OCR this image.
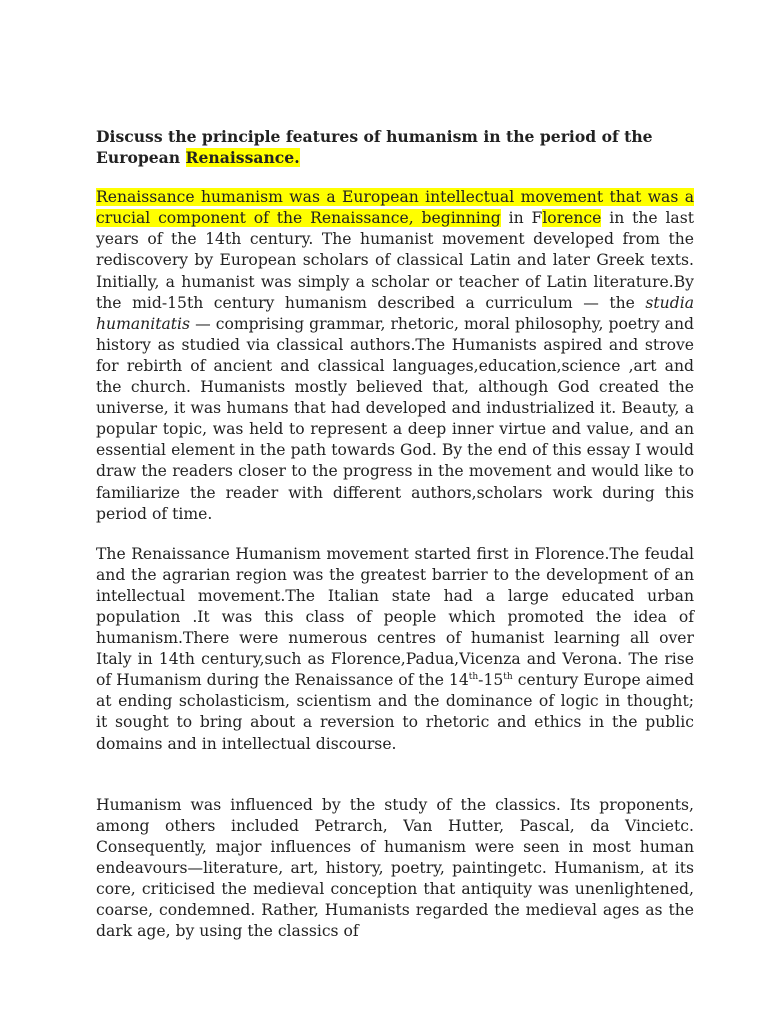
Discuss the principle features of humanism in the period of the European Renaissance.

Renaissance humanism was a European intellectual movement that was a crucial component of the Renaissance, beginning in Florence in the last years of the 14th century. The humanist movement developed from the rediscovery by European scholars of classical Latin and later Greek texts. Initially, a humanist was simply a scholar or teacher of Latin literature.By the mid-15th century humanism described a curriculum — the studia humanitatis — comprising grammar, rhetoric, moral philosophy, poetry and history as studied via classical authors.The Humanists aspired and strove for rebirth of ancient and classical languages,education,science ,art and the church. Humanists mostly believed that, although God created the universe, it was humans that had developed and industrialized it. Beauty, a popular topic, was held to represent a deep inner virtue and value, and an essential element in the path towards God. By the end of this essay I would draw the readers closer to the progress in the movement and would like to familiarize the reader with different authors,scholars work during this period of time.

The Renaissance Humanism movement started first in Florence.The feudal and the agrarian region was the greatest barrier to the development of an intellectual movement.The Italian state had a large educated urban population .It was this class of people which promoted the idea of humanism.There were numerous centres of humanist learning all over Italy in 14th century,such as Florence,Padua,Vicenza and Verona. The rise of Humanism during the Renaissance of the 14th-15th century Europe aimed at ending scholasticism, scientism and the dominance of logic in thought; it sought to bring about a reversion to rhetoric and ethics in the public domains and in intellectual discourse.

Humanism was influenced by the study of the classics. Its proponents, among others included Petrarch, Van Hutter, Pascal, da Vincietc. Consequently, major influences of humanism were seen in most human endeavours—literature, art, history, poetry, paintingetc. Humanism, at its core, criticised the medieval conception that antiquity was unenlightened, coarse, condemned. Rather, Humanists regarded the medieval ages as the dark age, by using the classics of
